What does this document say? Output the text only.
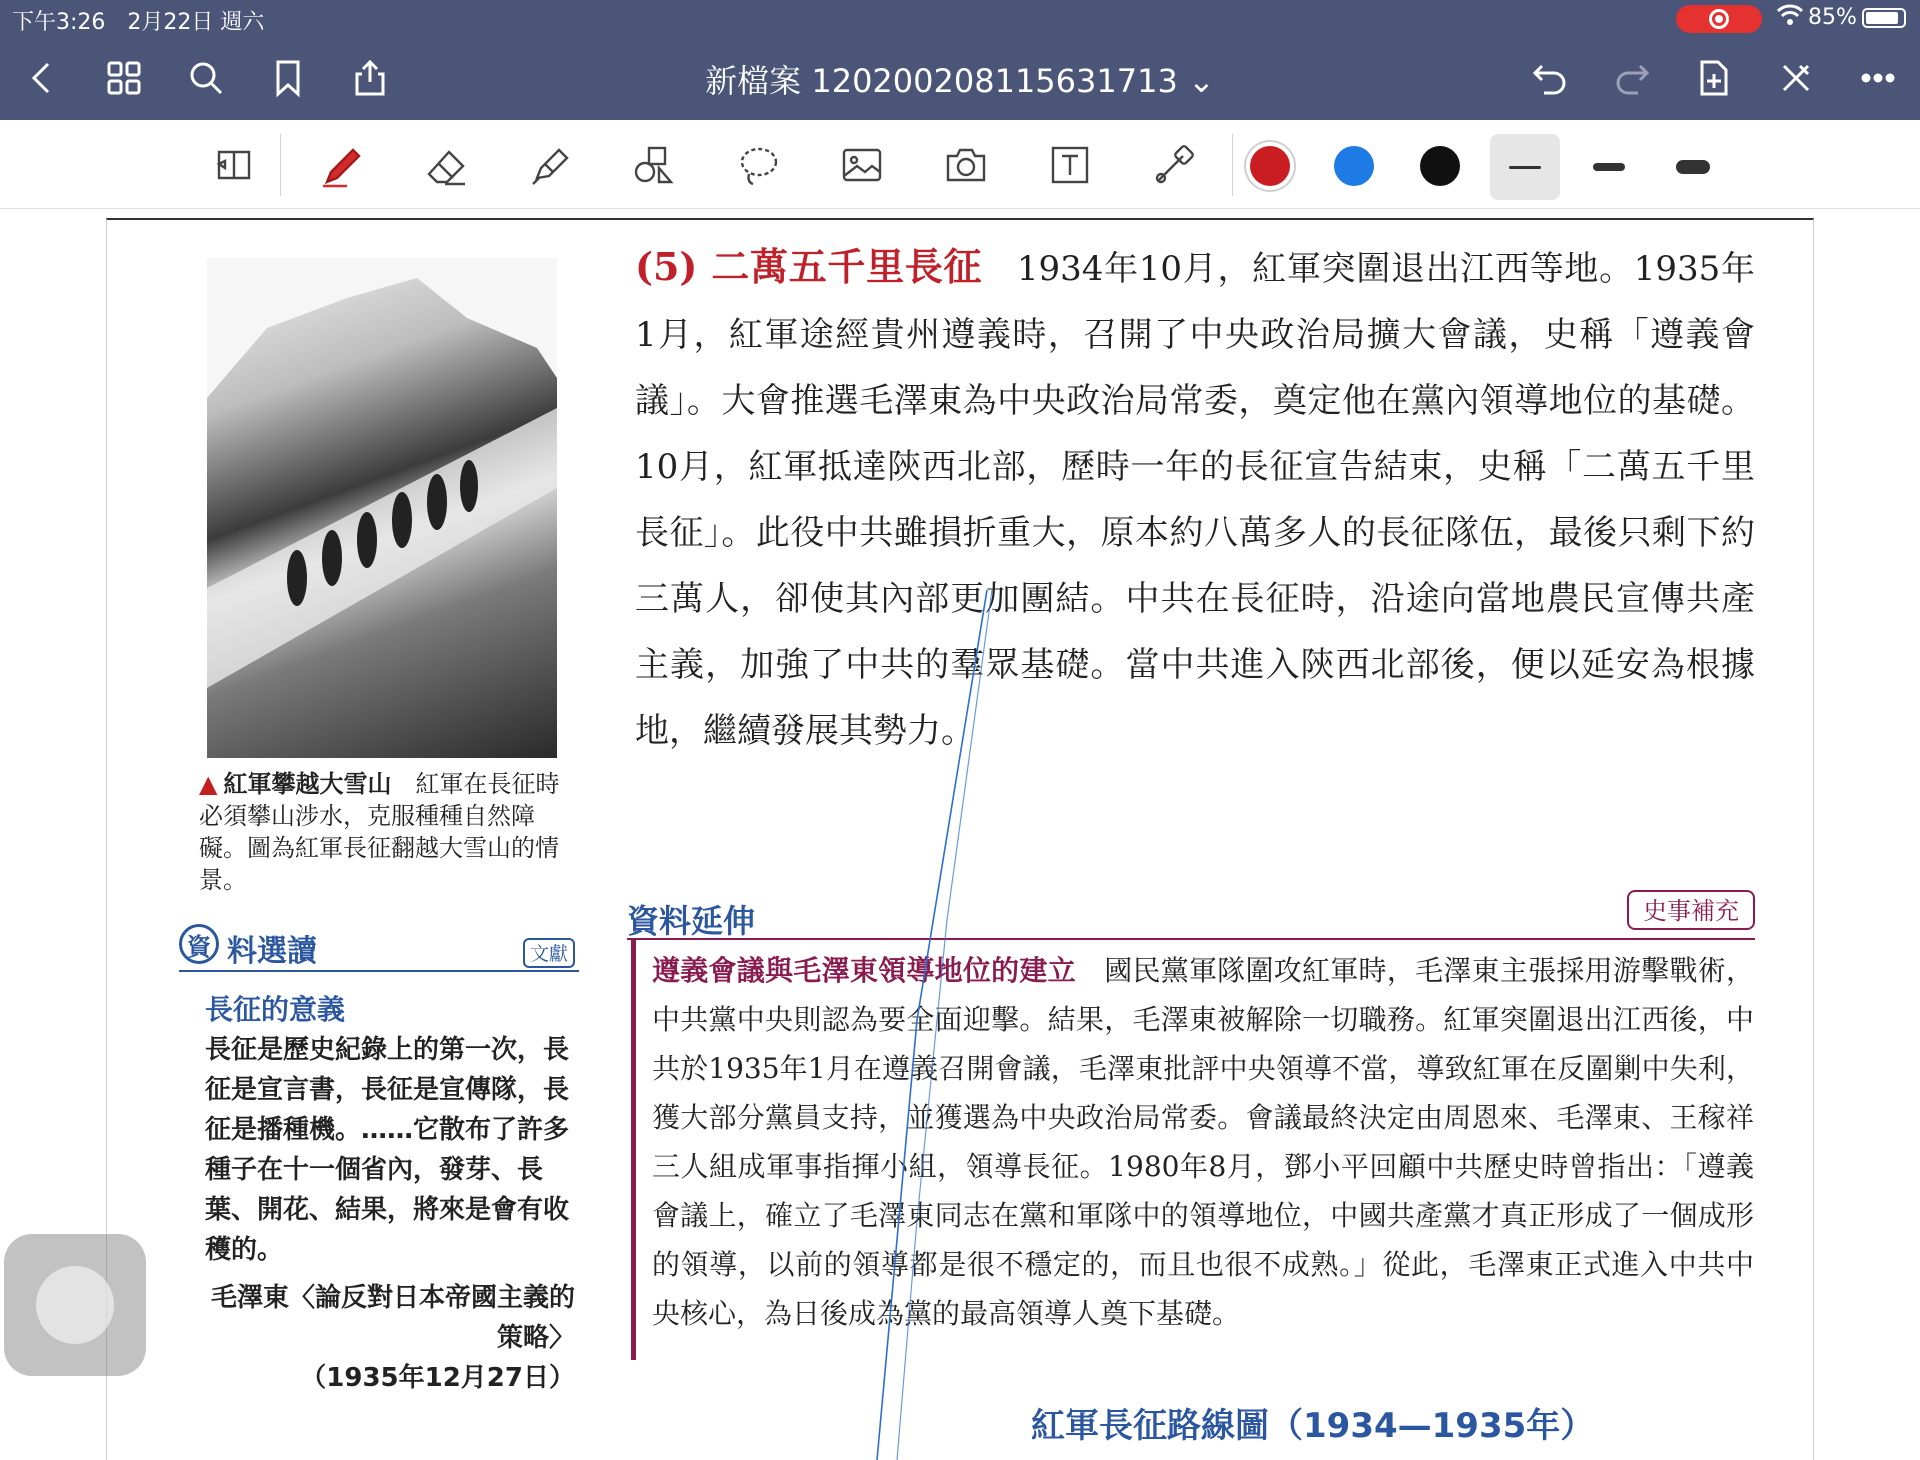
下午3:26　2月22日 週六	85%
新檔案 120200208115631713 ⌄
▲ 紅軍攀越大雪山　 紅軍在長征時必須攀山涉水，克服種種自然障礙。圖為紅軍長征翻越大雪山的情景。
資 料選讀	文獻
長征的意義
長征是歷史紀錄上的第一次，長征是宣言書，長征是宣傳隊，長征是播種機。……它散布了許多種子在十一個省內，發芽、長葉、開花、結果，將來是會有收穫的。
毛澤東〈論反對日本帝國主義的策略〉
（1935年12月27日）
(5) 二萬五千里長征　 1934年10月，紅軍突圍退出江西等地。1935年1月，紅軍途經貴州遵義時，召開了中央政治局擴大會議，史稱「遵義會議」。大會推選毛澤東為中央政治局常委，奠定他在黨內領導地位的基礎。10月，紅軍抵達陝西北部，歷時一年的長征宣告結束，史稱「二萬五千里長征」。此役中共雖損折重大，原本約八萬多人的長征隊伍，最後只剩下約三萬人，卻使其內部更加團結。中共在長征時，沿途向當地農民宣傳共產主義，加強了中共的羣眾基礎。當中共進入陝西北部後，便以延安為根據地，繼續發展其勢力。
資料延伸	史事補充
遵義會議與毛澤東領導地位的建立　 國民黨軍隊圍攻紅軍時，毛澤東主張採用游擊戰術，中共黨中央則認為要全面迎擊。結果，毛澤東被解除一切職務。紅軍突圍退出江西後，中共於1935年1月在遵義召開會議，毛澤東批評中央領導不當，導致紅軍在反圍剿中失利，獲大部分黨員支持，並獲選為中央政治局常委。會議最終決定由周恩來、毛澤東、王稼祥三人組成軍事指揮小組，領導長征。1980年8月，鄧小平回顧中共歷史時曾指出：「遵義會議上，確立了毛澤東同志在黨和軍隊中的領導地位，中國共產黨才真正形成了一個成形的領導，以前的領導都是很不穩定的，而且也很不成熟。」從此，毛澤東正式進入中共中央核心，為日後成為黨的最高領導人奠下基礎。
紅軍長征路線圖（1934—1935年）
